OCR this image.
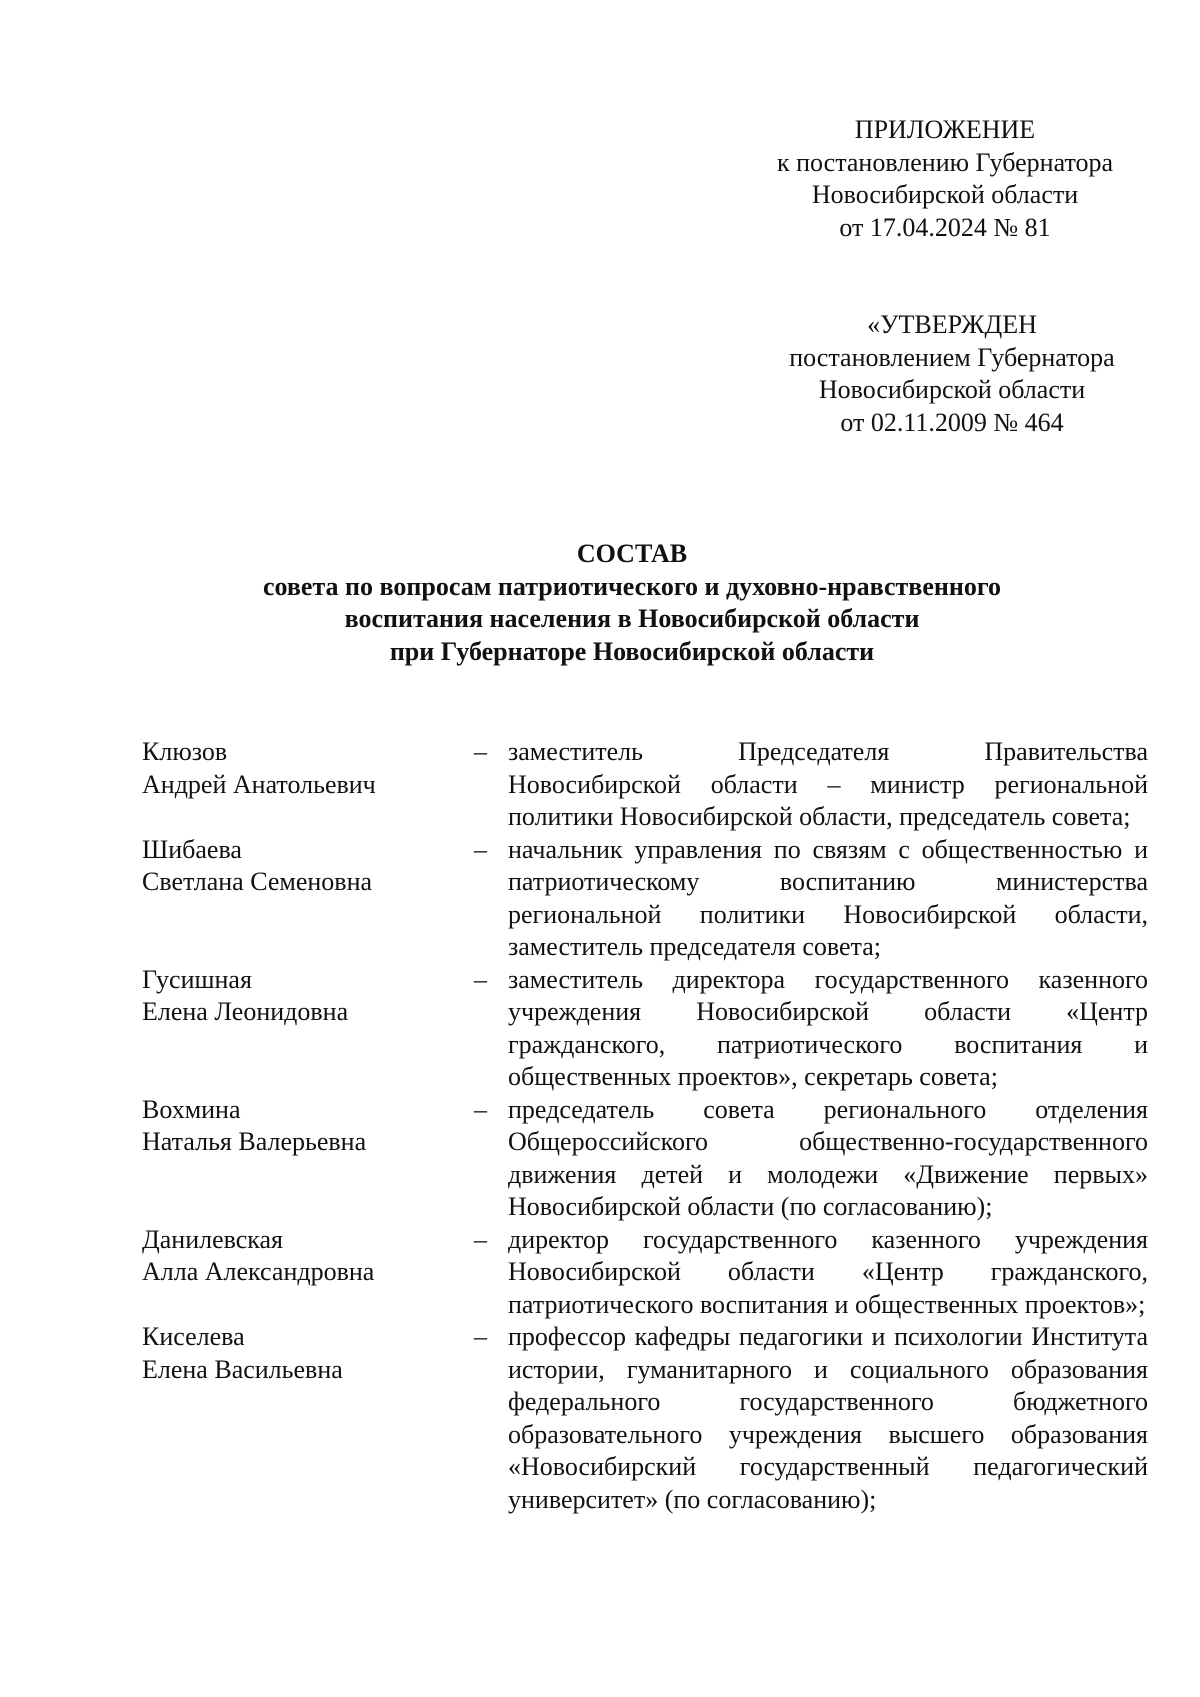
ПРИЛОЖЕНИЕ
к постановлению Губернатора
Новосибирской области
от 17.04.2024 № 81
«УТВЕРЖДЕН
постановлением Губернатора
Новосибирской области
от 02.11.2009 № 464
СОСТАВ
совета по вопросам патриотического и духовно-нравственного
воспитания населения в Новосибирской области
при Губернаторе Новосибирской области
Клюзов
Андрей Анатольевич
– заместитель Председателя Правительства Новосибирской области – министр региональной политики Новосибирской области, председатель совета;
Шибаева
Светлана Семеновна
– начальник управления по связям с общественностью и патриотическому воспитанию министерства региональной политики Новосибирской области, заместитель председателя совета;
Гусишная
Елена Леонидовна
– заместитель директора государственного казенного учреждения Новосибирской области «Центр гражданского, патриотического воспитания и общественных проектов», секретарь совета;
Вохмина
Наталья Валерьевна
– председатель совета регионального отделения Общероссийского общественно-государственного движения детей и молодежи «Движение первых» Новосибирской области (по согласованию);
Данилевская
Алла Александровна
– директор государственного казенного учреждения Новосибирской области «Центр гражданского, патриотического воспитания и общественных проектов»;
Киселева
Елена Васильевна
– профессор кафедры педагогики и психологии Института истории, гуманитарного и социального образования федерального государственного бюджетного образовательного учреждения высшего образования «Новосибирский государственный педагогический университет» (по согласованию);
